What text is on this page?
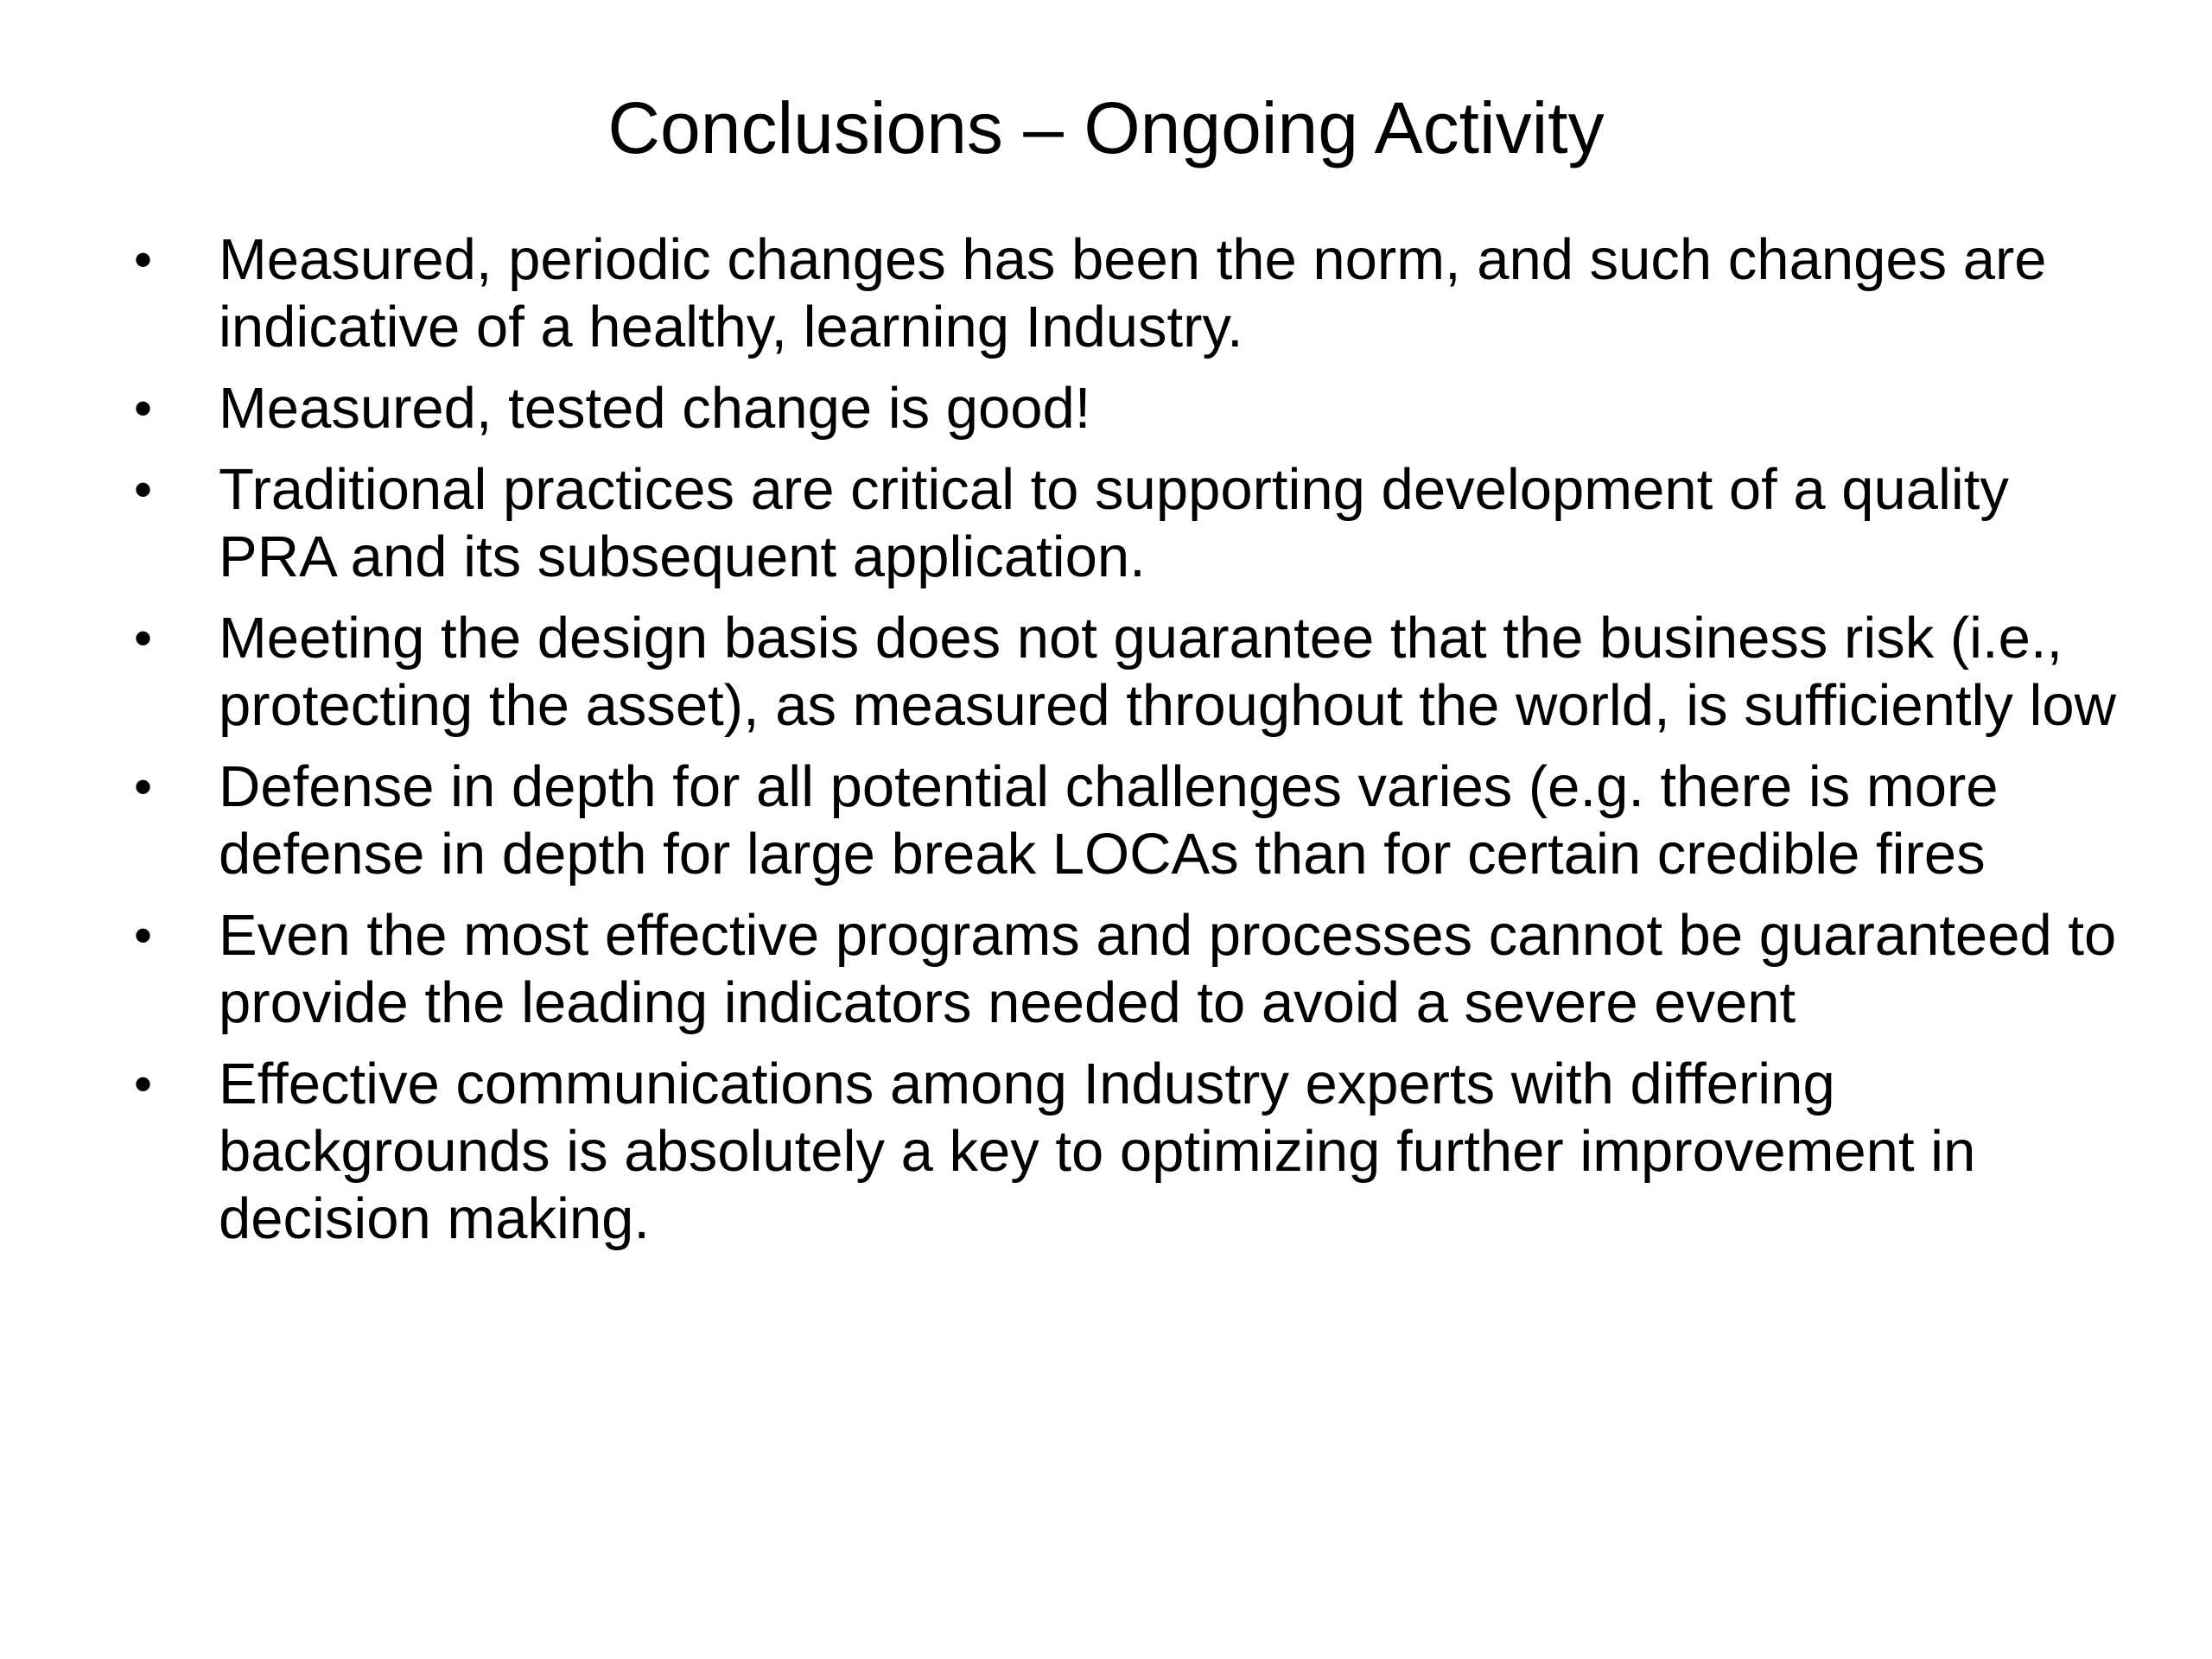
Conclusions – Ongoing Activity
• Measured, periodic changes has been the norm, and such changes are indicative of a healthy, learning Industry.
• Measured, tested change is good!
• Traditional practices are critical to supporting development of a quality PRA and its subsequent application.
• Meeting the design basis does not guarantee that the business risk (i.e., protecting the asset), as measured throughout the world, is sufficiently low
• Defense in depth for all potential challenges varies (e.g. there is more defense in depth for large break LOCAs than for certain credible fires
• Even the most effective programs and processes cannot be guaranteed to provide the leading indicators needed to avoid a severe event
• Effective communications among Industry experts with differing backgrounds is absolutely a key to optimizing further improvement in decision making.
